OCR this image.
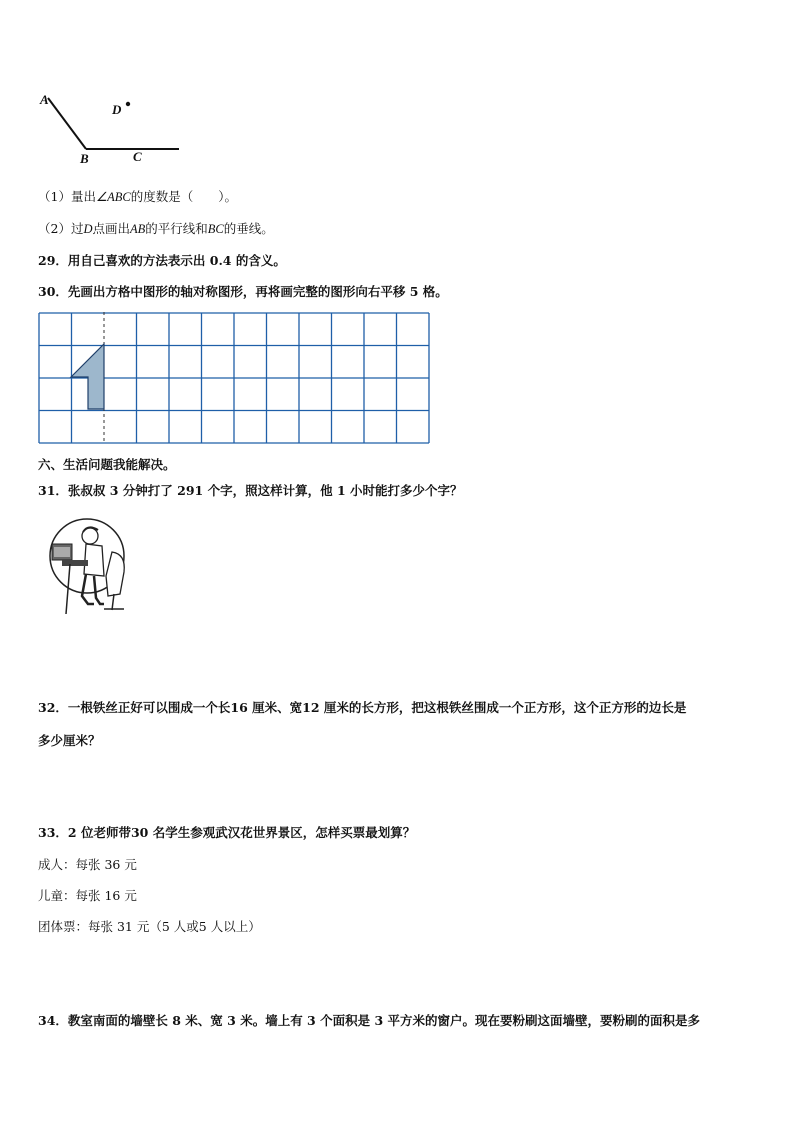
A
D
B	C
（1）量出∠ABC的度数是（　　）。
（2）过D点画出AB的平行线和BC的垂线。
29．用自己喜欢的方法表示出 0.4 的含义。
30．先画出方格中图形的轴对称图形，再将画完整的图形向右平移 5 格。
六、生活问题我能解决。
31．张叔叔 3 分钟打了 291 个字，照这样计算，他 1 小时能打多少个字？
32．一根铁丝正好可以围成一个长16 厘米、宽12 厘米的长方形，把这根铁丝围成一个正方形，这个正方形的边长是
多少厘米？
33．2 位老师带30 名学生参观武汉花世界景区，怎样买票最划算？
成人：每张 36 元
儿童：每张 16 元
团体票：每张 31 元（5 人或5 人以上）
34．教室南面的墙壁长 8 米、宽 3 米。墙上有 3 个面积是 3 平方米的窗户。现在要粉刷这面墙壁，要粉刷的面积是多
